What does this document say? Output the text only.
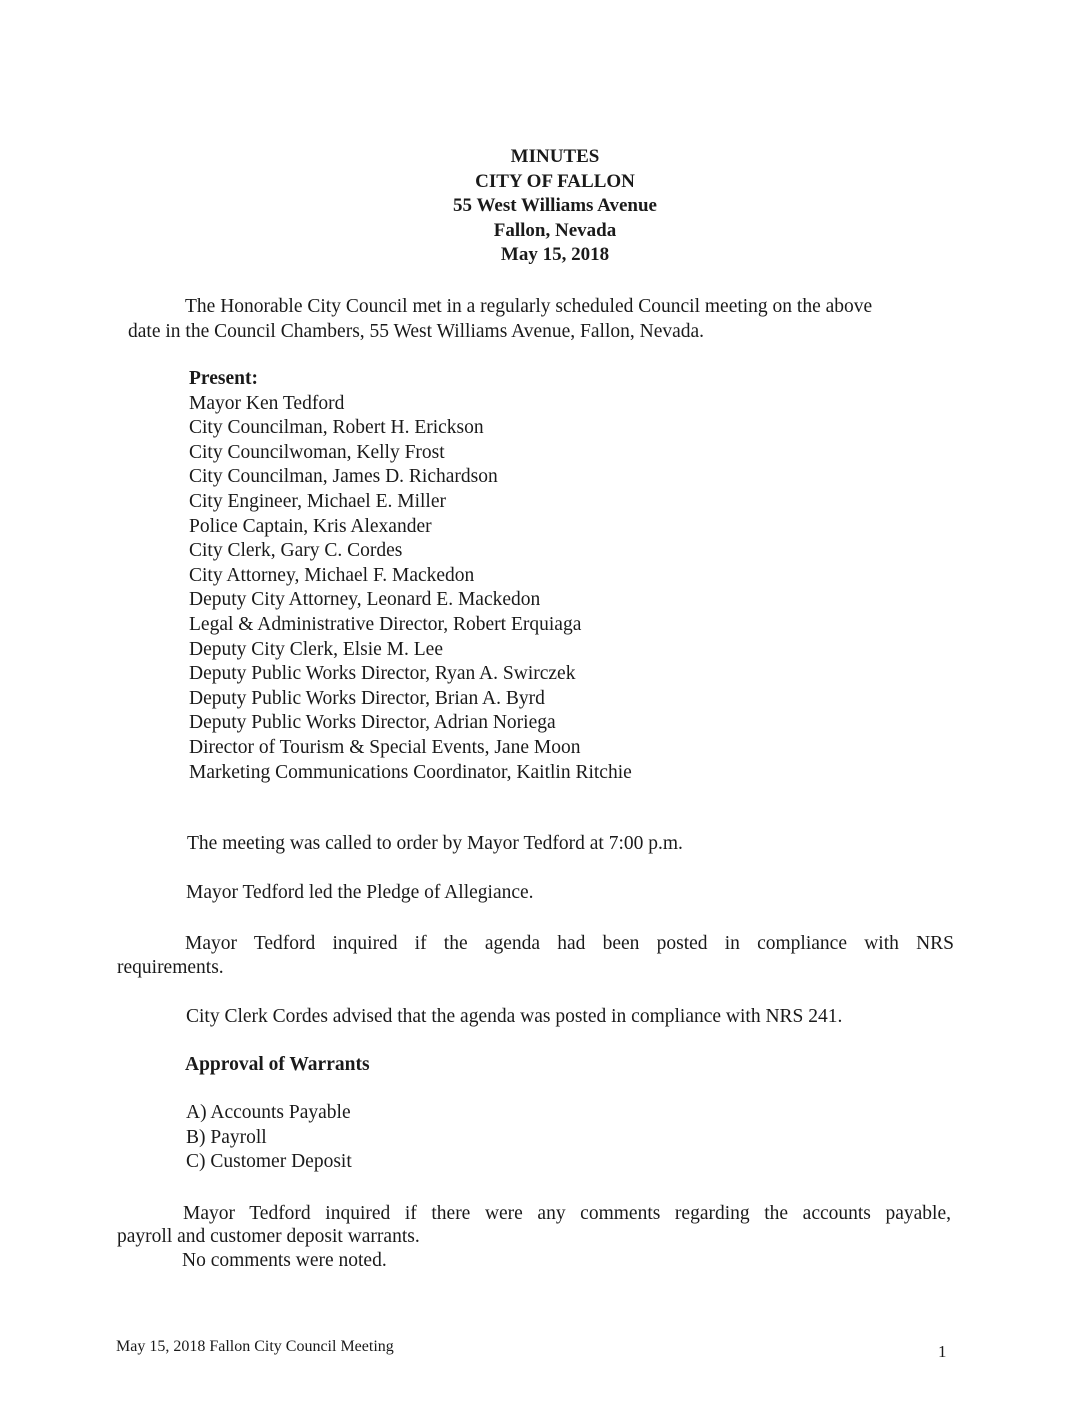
MINUTES
CITY OF FALLON
55 West Williams Avenue
Fallon, Nevada
May 15, 2018
The Honorable City Council met in a regularly scheduled Council meeting on the above
date in the Council Chambers, 55 West Williams Avenue, Fallon, Nevada.
Present:
Mayor Ken Tedford
City Councilman, Robert H. Erickson
City Councilwoman, Kelly Frost
City Councilman, James D. Richardson
City Engineer, Michael E. Miller
Police Captain, Kris Alexander
City Clerk, Gary C. Cordes
City Attorney, Michael F. Mackedon
Deputy City Attorney, Leonard E. Mackedon
Legal & Administrative Director, Robert Erquiaga
Deputy City Clerk, Elsie M. Lee
Deputy Public Works Director, Ryan A. Swirczek
Deputy Public Works Director, Brian A. Byrd
Deputy Public Works Director, Adrian Noriega
Director of Tourism & Special Events, Jane Moon
Marketing Communications Coordinator, Kaitlin Ritchie
The meeting was called to order by Mayor Tedford at 7:00 p.m.
Mayor Tedford led the Pledge of Allegiance.
Mayor Tedford inquired if the agenda had been posted in compliance with NRS
requirements.
City Clerk Cordes advised that the agenda was posted in compliance with NRS 241.
Approval of Warrants
A) Accounts Payable
B) Payroll
C) Customer Deposit
Mayor Tedford inquired if there were any comments regarding the accounts payable,
payroll and customer deposit warrants.
No comments were noted.
May 15, 2018 Fallon City Council Meeting	1
